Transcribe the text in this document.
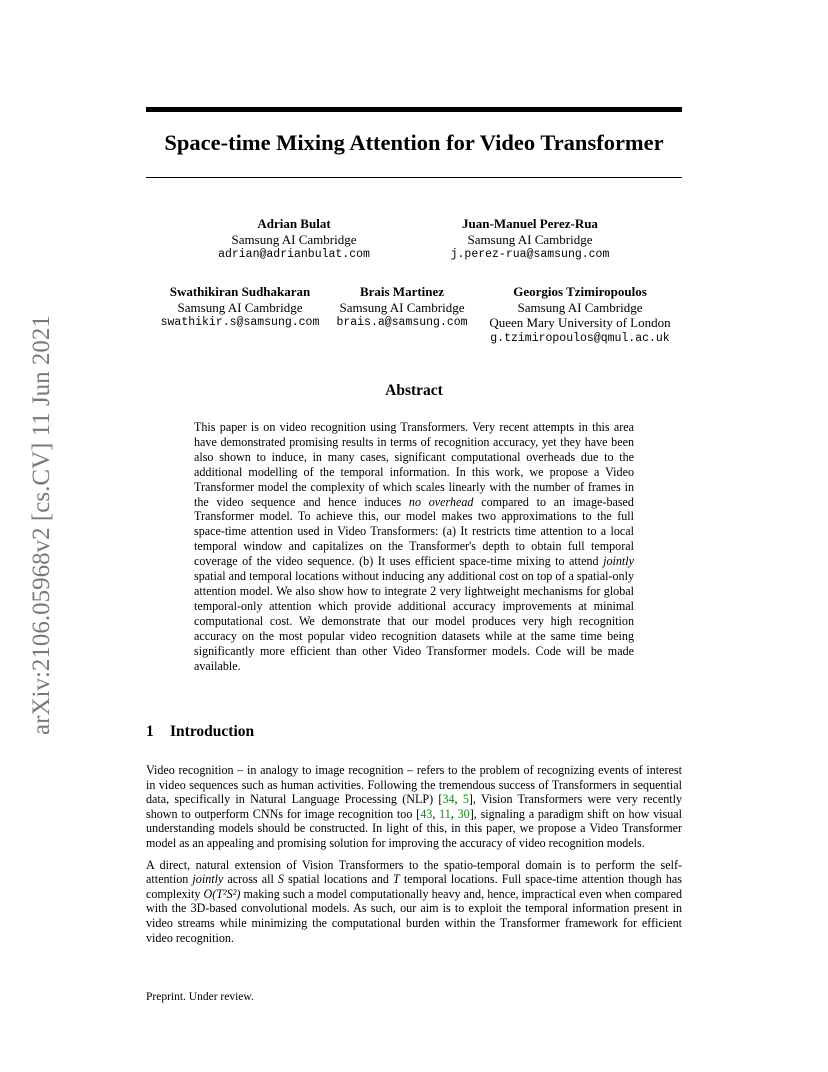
arXiv:2106.05968v2 [cs.CV] 11 Jun 2021
Space-time Mixing Attention for Video Transformer
Adrian Bulat
Samsung AI Cambridge
adrian@adrianbulat.com
Juan-Manuel Perez-Rua
Samsung AI Cambridge
j.perez-rua@samsung.com
Swathikiran Sudhakaran
Samsung AI Cambridge
swathikir.s@samsung.com
Brais Martinez
Samsung AI Cambridge
brais.a@samsung.com
Georgios Tzimiropoulos
Samsung AI Cambridge
Queen Mary University of London
g.tzimiropoulos@qmul.ac.uk
Abstract

This paper is on video recognition using Transformers. Very recent attempts in this area have demonstrated promising results in terms of recognition accuracy, yet they have been also shown to induce, in many cases, significant computational overheads due to the additional modelling of the temporal information. In this work, we propose a Video Transformer model the complexity of which scales linearly with the number of frames in the video sequence and hence induces no overhead compared to an image-based Transformer model. To achieve this, our model makes two approximations to the full space-time attention used in Video Transformers: (a) It restricts time attention to a local temporal window and capitalizes on the Transformer's depth to obtain full temporal coverage of the video sequence. (b) It uses efficient space-time mixing to attend jointly spatial and temporal locations without inducing any additional cost on top of a spatial-only attention model. We also show how to integrate 2 very lightweight mechanisms for global temporal-only attention which provide additional accuracy improvements at minimal computational cost. We demonstrate that our model produces very high recognition accuracy on the most popular video recognition datasets while at the same time being significantly more efficient than other Video Transformer models. Code will be made available.

1 Introduction

Video recognition – in analogy to image recognition – refers to the problem of recognizing events of interest in video sequences such as human activities. Following the tremendous success of Transformers in sequential data, specifically in Natural Language Processing (NLP) [34, 5], Vision Transformers were very recently shown to outperform CNNs for image recognition too [43, 11, 30], signaling a paradigm shift on how visual understanding models should be constructed. In light of this, in this paper, we propose a Video Transformer model as an appealing and promising solution for improving the accuracy of video recognition models.

A direct, natural extension of Vision Transformers to the spatio-temporal domain is to perform the self-attention jointly across all S spatial locations and T temporal locations. Full space-time attention though has complexity O(T²S²) making such a model computationally heavy and, hence, impractical even when compared with the 3D-based convolutional models. As such, our aim is to exploit the temporal information present in video streams while minimizing the computational burden within the Transformer framework for efficient video recognition.

Preprint. Under review.
